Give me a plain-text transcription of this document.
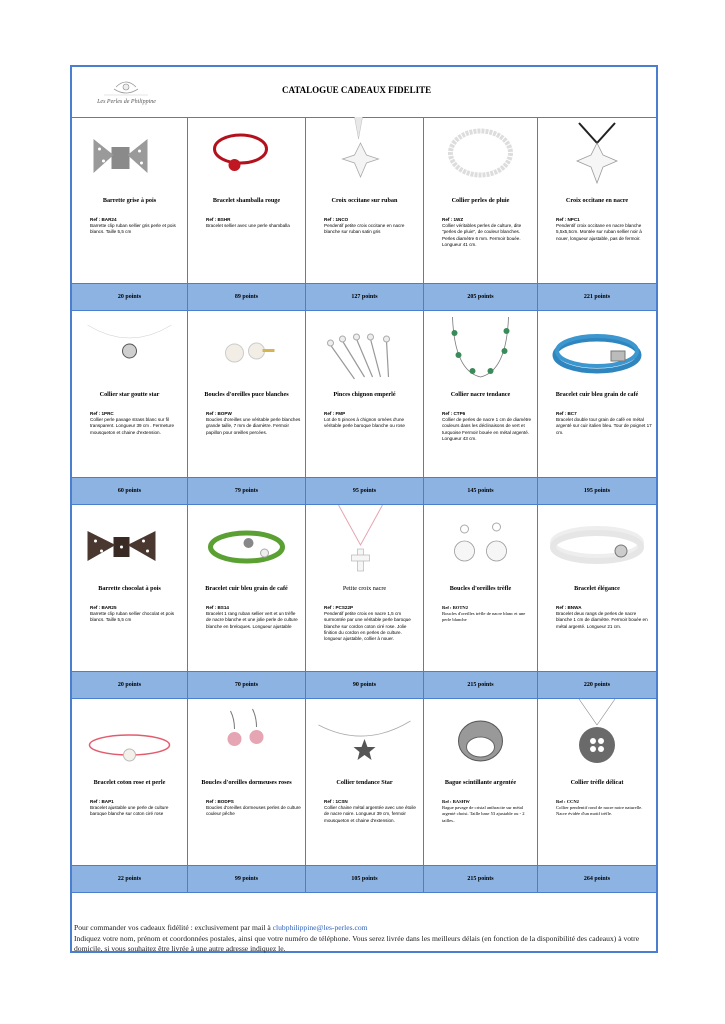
Les Perles de Philippine
CATALOGUE CADEAUX FIDELITE
Barrette grise à pois
Ref : BAR24
Barrette clip ruban sellier gris perle et pois blancs. Taille 5,5 cm
Bracelet shamballa rouge
Ref : BSHR
Bracelet sellier avec une perle shamballa
Croix occitane sur ruban
Ref : 1NCO
Pendentif petite croix occitane en nacre blanche sur ruban satin gris
Collier perles de pluie
Ref : 1WZ
Collier véritables perles de culture, dite "perles de pluie", de couleur blanches. Perles diamètre 6 mm. Fermoir bouée. Longueur 41 cm.
Croix occitane en nacre
Ref : NPC1
Pendentif croix occitane en nacre blanche 5,5x5,5cm. Montée sur ruban sellier noir à nouer, longueur ajustable, pas de fermoir.
20 points	89 points	127 points	205 points	221 points
Collier star goutte star
Ref : 1PRC
Collier perle pavage strass blanc sur fil transparent. Longueur 39 cm . Fermeture mousqueton et chaine d'extension.
Boucles d'oreilles puce blanches
Ref : BOPW
Boucles d'oreilles une véritable perle blanches grande taille, 7 mm de diamètre. Fermoir papillon pour oreilles percées.
Pinces chignon emperlé
Ref : FMP
Lot de 5 pinces à chignon ornées d'une véritable perle baroque blanche ou rose
Collier nacre tendance
Ref : CTP6
Collier de perles de nacre 1 cm de diamètre couleurs dans les déclinaisons de vert et turquoise Fermoir bouée en métal argenté. Longueur 43 cm.
Bracelet cuir bleu grain de café
Ref : BC7
Bracelet double tour grain de café en métal argenté sur cuir italien bleu. Tour de poignet 17 cm.
60 points	79 points	95 points	145 points	195 points
Barrette chocolat à pois
Ref : BAR25
Barrette clip ruban sellier chocolat et pois blancs. Taille 5,5 cm
Bracelet cuir bleu grain de café
Ref : BS14
Bracelet 1 rang ruban sellier vert et un trèfle de nacre blanche et une jolie perle de culture blanche en breloques. Longueur ajustable
Petite croix nacre
Ref : PCS22P
Pendentif petite croix en nacre 1,5 cm surmontée par une véritable perle baroque blanche sur cordon coton ciré rose. Jolie finition du cordon en perles de culture. longueur ajustable, collier à nouer.
Boucles d'oreilles trèfle
Ref : BOTN2
Boucles d'oreilles trèfle de nacre blanc et une perle blanche
Bracelet élégance
Ref : BNWA
Bracelet deux rangs de perles de nacre blanche 1 cm de diamètre. Fermoir bouée en métal argenté. Longueur 21 cm.
20 points	70 points	90 points	215 points	220 points
Bracelet coton rose et perle
Ref : BAP1
Bracelet ajustable une perle de culture baroque blanche sur coton ciré rose
Boucles d'oreilles dormeuses roses
Ref : BODPS
Boucles d'oreilles dormeuses perles de culture couleur pêche
Collier tendance Star
Ref : 1CSN
Collier chaine métal argentée avec une étoile de nacre noire. Longueur 39 cm, fermoir mousqueton et chaine d'extension.
Bague scintillante argentée
Ref : BASHW
Bague pavage de cristal anthracite sur métal argenté choisi. Taille base 53 ajustable ou - 2 tailles..
Collier trèfle délicat
Ref : CCN2
Collier pendentif rond de nacre noire naturelle. Nacre évidée d'un motif trèfle.
22 points	99 points	105 points	215 points	264 points
Pour commander vos cadeaux fidélité : exclusivement par mail à clubphilippine@les-perles.com
Indiquez votre nom, prénom et coordonnées postales, ainsi que votre numéro de téléphone. Vous serez livrée dans les meilleurs délais (en fonction de la disponibilité des cadeaux) à votre domicile, si vous souhaitez être livrée à une autre adresse indiquez le.
